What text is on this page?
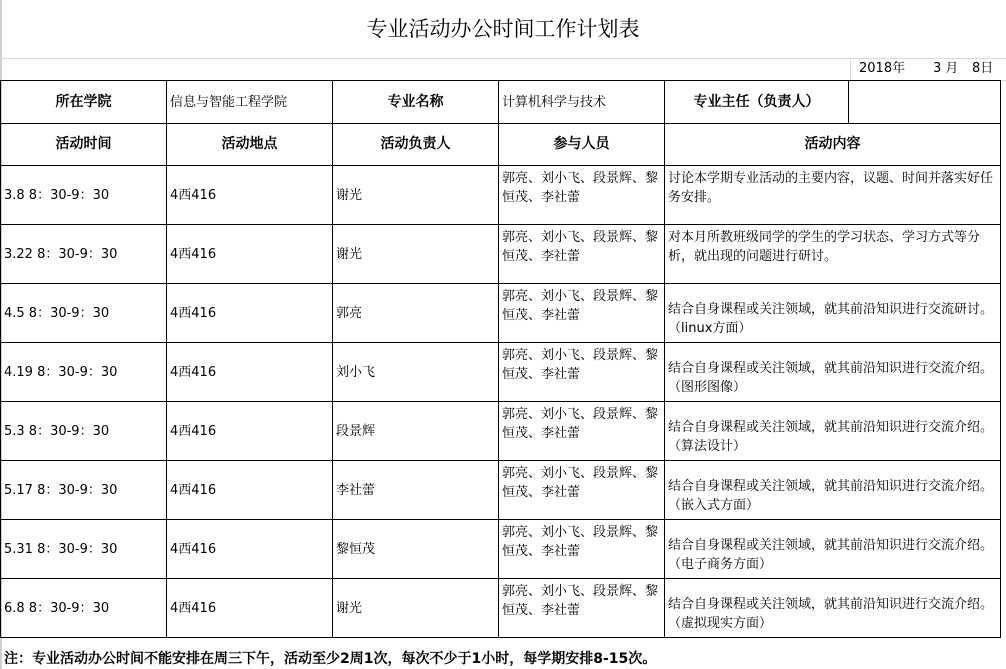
专业活动办公时间工作计划表
2018年 3 月 8日
所在学院	信息与智能工程学院	专业名称	计算机科学与技术	专业主任（负责人）	
活动时间	活动地点	活动负责人	参与人员	活动内容	
3.8 8：30-9：30	4西416	谢光	郭亮、刘小飞、段景辉、黎恒茂、李社蕾	讨论本学期专业活动的主要内容，议题、时间并落实好任务安排。	
3.22 8：30-9：30	4西416	谢光	郭亮、刘小飞、段景辉、黎恒茂、李社蕾	对本月所教班级同学的学生的学习状态、学习方式等分析，就出现的问题进行研讨。	
4.5 8：30-9：30	4西416	郭亮	郭亮、刘小飞、段景辉、黎恒茂、李社蕾	结合自身课程或关注领域，就其前沿知识进行交流研讨。（linux方面）	
4.19 8：30-9：30	4西416	刘小飞	郭亮、刘小飞、段景辉、黎恒茂、李社蕾	结合自身课程或关注领域，就其前沿知识进行交流介绍。（图形图像）	
5.3 8：30-9：30	4西416	段景辉	郭亮、刘小飞、段景辉、黎恒茂、李社蕾	结合自身课程或关注领域，就其前沿知识进行交流介绍。（算法设计）	
5.17 8：30-9：30	4西416	李社蕾	郭亮、刘小飞、段景辉、黎恒茂、李社蕾	结合自身课程或关注领域，就其前沿知识进行交流介绍。（嵌入式方面）	
5.31 8：30-9：30	4西416	黎恒茂	郭亮、刘小飞、段景辉、黎恒茂、李社蕾	结合自身课程或关注领域，就其前沿知识进行交流介绍。（电子商务方面）	
6.8 8：30-9：30	4西416	谢光	郭亮、刘小飞、段景辉、黎恒茂、李社蕾	结合自身课程或关注领域，就其前沿知识进行交流介绍。（虚拟现实方面）	
注：专业活动办公时间不能安排在周三下午，活动至少2周1次，每次不少于1小时，每学期安排8-15次。
